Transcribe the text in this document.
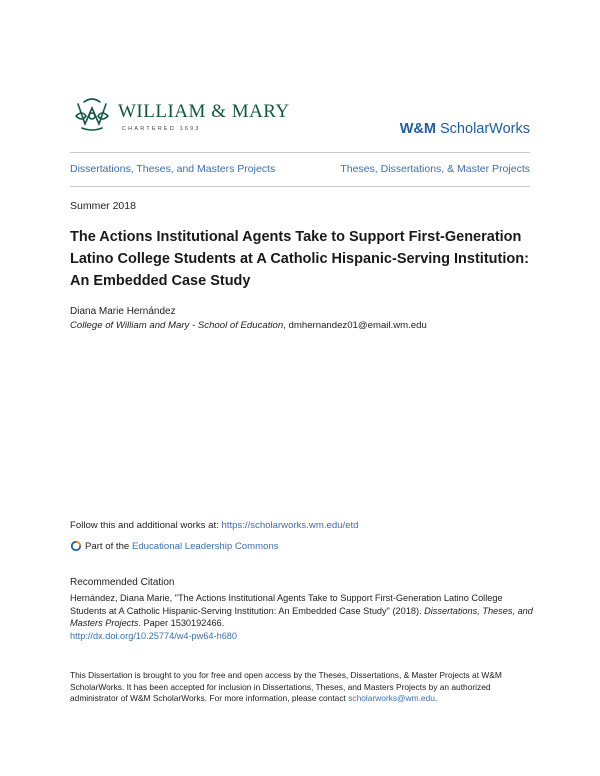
WILLIAM & MARY
CHARTERED 1693	W&M ScholarWorks
Dissertations, Theses, and Masters Projects	Theses, Dissertations, & Master Projects
Summer 2018
The Actions Institutional Agents Take to Support First-Generation Latino College Students at A Catholic Hispanic-Serving Institution: An Embedded Case Study
Diana Marie Hernández
College of William and Mary - School of Education, dmhernandez01@email.wm.edu
Follow this and additional works at: https://scholarworks.wm.edu/etd
Part of the Educational Leadership Commons
Recommended Citation
Hernández, Diana Marie, "The Actions Institutional Agents Take to Support First-Generation Latino College Students at A Catholic Hispanic-Serving Institution: An Embedded Case Study" (2018). Dissertations, Theses, and Masters Projects. Paper 1530192466.
http://dx.doi.org/10.25774/w4-pw64-h680
This Dissertation is brought to you for free and open access by the Theses, Dissertations, & Master Projects at W&M ScholarWorks. It has been accepted for inclusion in Dissertations, Theses, and Masters Projects by an authorized administrator of W&M ScholarWorks. For more information, please contact scholarworks@wm.edu.
